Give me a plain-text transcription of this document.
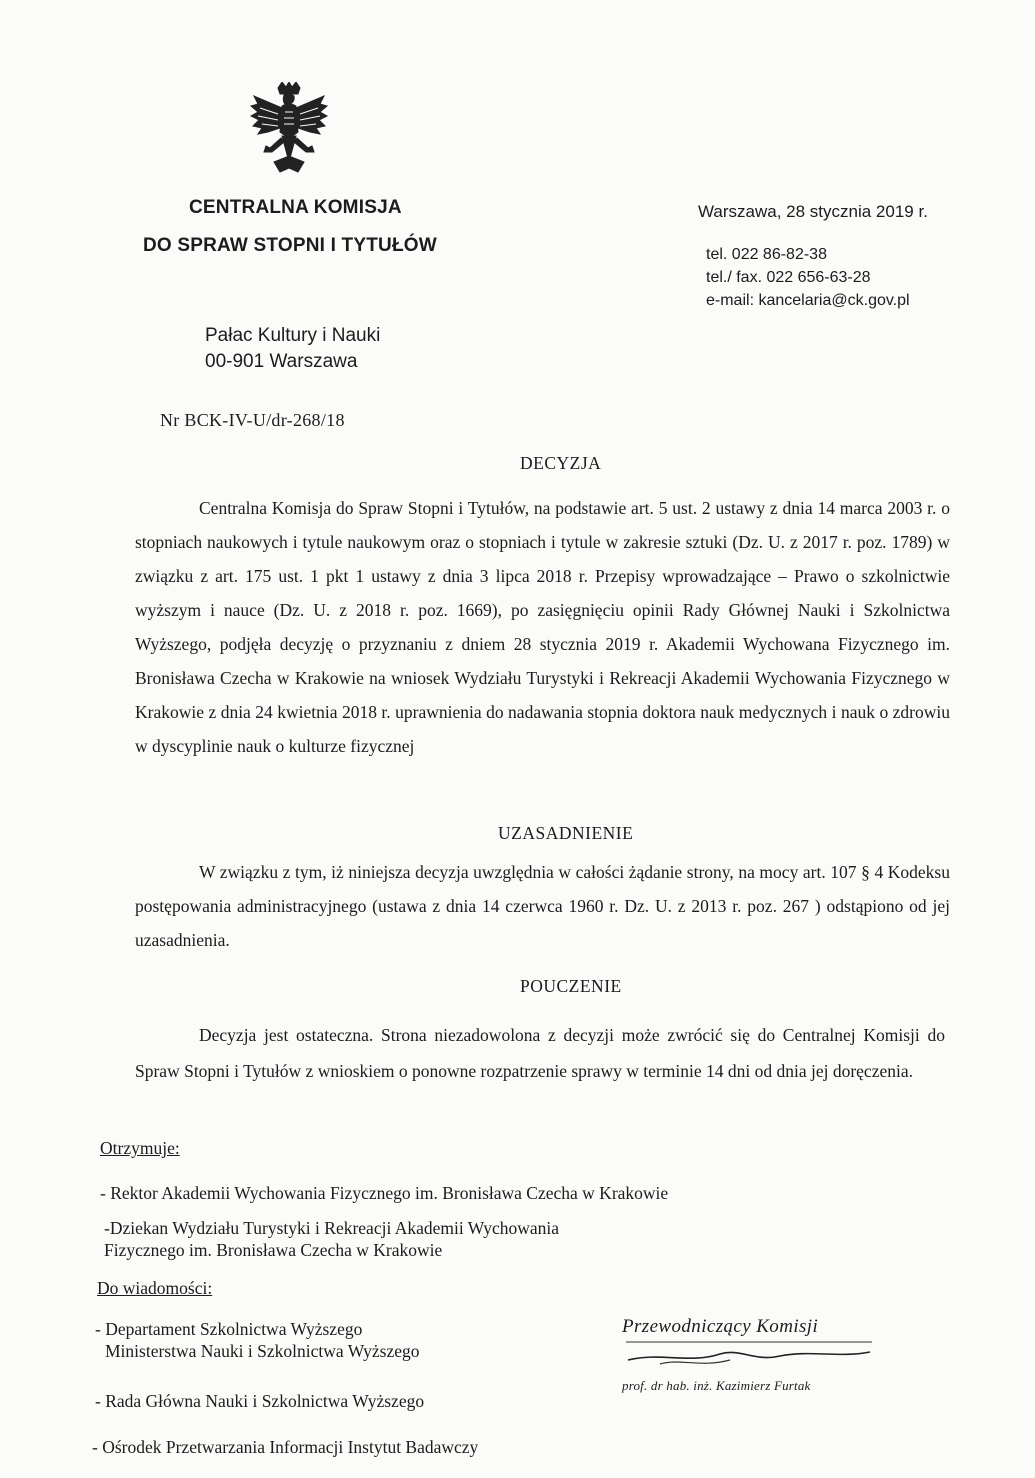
CENTRALNA KOMISJA
DO SPRAW STOPNI I TYTUŁÓW
Pałac Kultury i Nauki
00-901 Warszawa
Warszawa, 28 stycznia 2019 r.
tel. 022 86-82-38
tel./ fax. 022 656-63-28
e-mail: kancelaria@ck.gov.pl
Nr BCK-IV-U/dr-268/18
DECYZJA
Centralna Komisja do Spraw Stopni i Tytułów, na podstawie art. 5 ust. 2 ustawy z dnia 14 marca 2003 r. o stopniach naukowych i tytule naukowym oraz o stopniach i tytule w zakresie sztuki (Dz. U. z 2017 r. poz. 1789) w związku z art. 175 ust. 1 pkt 1 ustawy z dnia 3 lipca 2018 r. Przepisy wprowadzające – Prawo o szkolnictwie wyższym i nauce (Dz. U. z 2018 r. poz. 1669), po zasięgnięciu opinii Rady Głównej Nauki i Szkolnictwa Wyższego, podjęła decyzję o przyznaniu z dniem 28 stycznia 2019 r. Akademii Wychowana Fizycznego im. Bronisława Czecha w Krakowie na wniosek Wydziału Turystyki i Rekreacji Akademii Wychowania Fizycznego w Krakowie z dnia 24 kwietnia 2018 r. uprawnienia do nadawania stopnia doktora nauk medycznych i nauk o zdrowiu w dyscyplinie nauk o kulturze fizycznej
UZASADNIENIE
W związku z tym, iż niniejsza decyzja uwzględnia w całości żądanie strony, na mocy art. 107 § 4 Kodeksu postępowania administracyjnego (ustawa z dnia 14 czerwca 1960 r. Dz. U. z 2013 r. poz. 267 ) odstąpiono od jej uzasadnienia.
POUCZENIE
Decyzja jest ostateczna. Strona niezadowolona z decyzji może zwrócić się do Centralnej Komisji do Spraw Stopni i Tytułów z wnioskiem o ponowne rozpatrzenie sprawy w terminie 14 dni od dnia jej doręczenia.
Otrzymuje:
- Rektor Akademii Wychowania Fizycznego im. Bronisława Czecha w Krakowie
-Dziekan Wydziału Turystyki i Rekreacji Akademii Wychowania
Fizycznego im. Bronisława Czecha w Krakowie
Do wiadomości:
- Departament Szkolnictwa Wyższego
Ministerstwa Nauki i Szkolnictwa Wyższego
- Rada Główna Nauki i Szkolnictwa Wyższego
- Ośrodek Przetwarzania Informacji Instytut Badawczy
Przewodniczący Komisji
prof. dr hab. inż. Kazimierz Furtak
